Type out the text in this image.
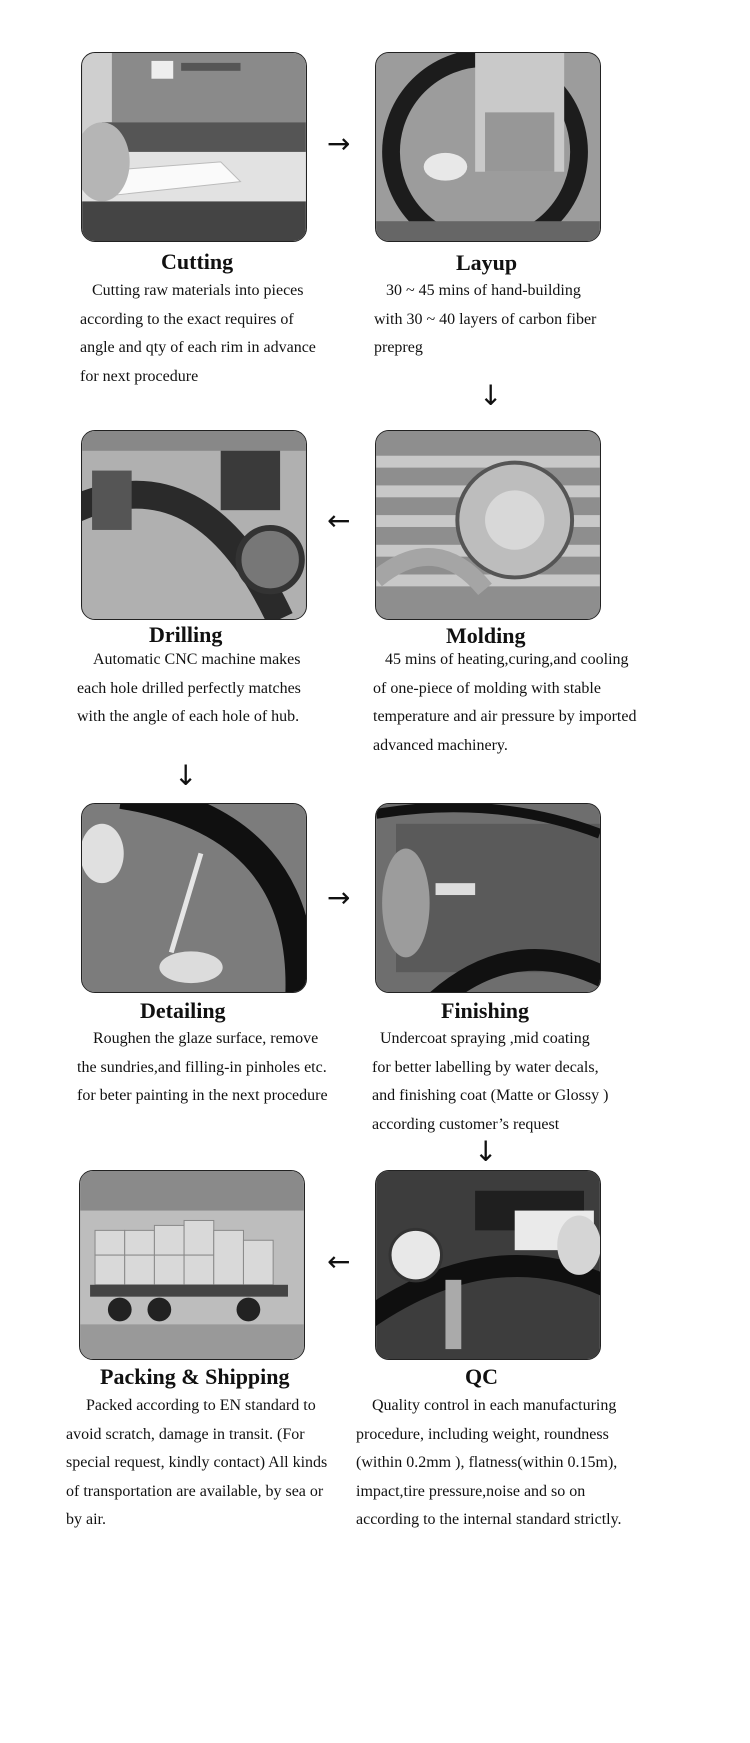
→
Cutting	Layup
Cutting raw materials into pieces
according to the exact requires of
angle and qty of each rim in advance
for next procedure
30 ~ 45 mins of hand-building
with 30 ~ 40 layers of carbon fiber
prepreg
↓
←
Drilling	Molding
Automatic CNC machine makes
each hole drilled perfectly matches
with the angle of each hole of hub.
45 mins of heating,curing,and cooling
of one-piece of molding with stable
temperature and air pressure by imported
advanced machinery.
↓
→
Detailing	Finishing
Roughen the glaze surface, remove
the sundries,and filling-in pinholes etc.
for beter painting in the next procedure
Undercoat spraying ,mid coating
for better labelling by water decals,
and finishing coat (Matte or Glossy )
according customer’s request
↓
←
Packing & Shipping	QC
Packed according to EN standard to
avoid scratch, damage in transit. (For
special request, kindly contact) All kinds
of transportation are available, by sea or
by air.
Quality control in each manufacturing
procedure, including weight, roundness
(within 0.2mm ), flatness(within 0.15m),
impact,tire pressure,noise and so on
according to the internal standard strictly.
